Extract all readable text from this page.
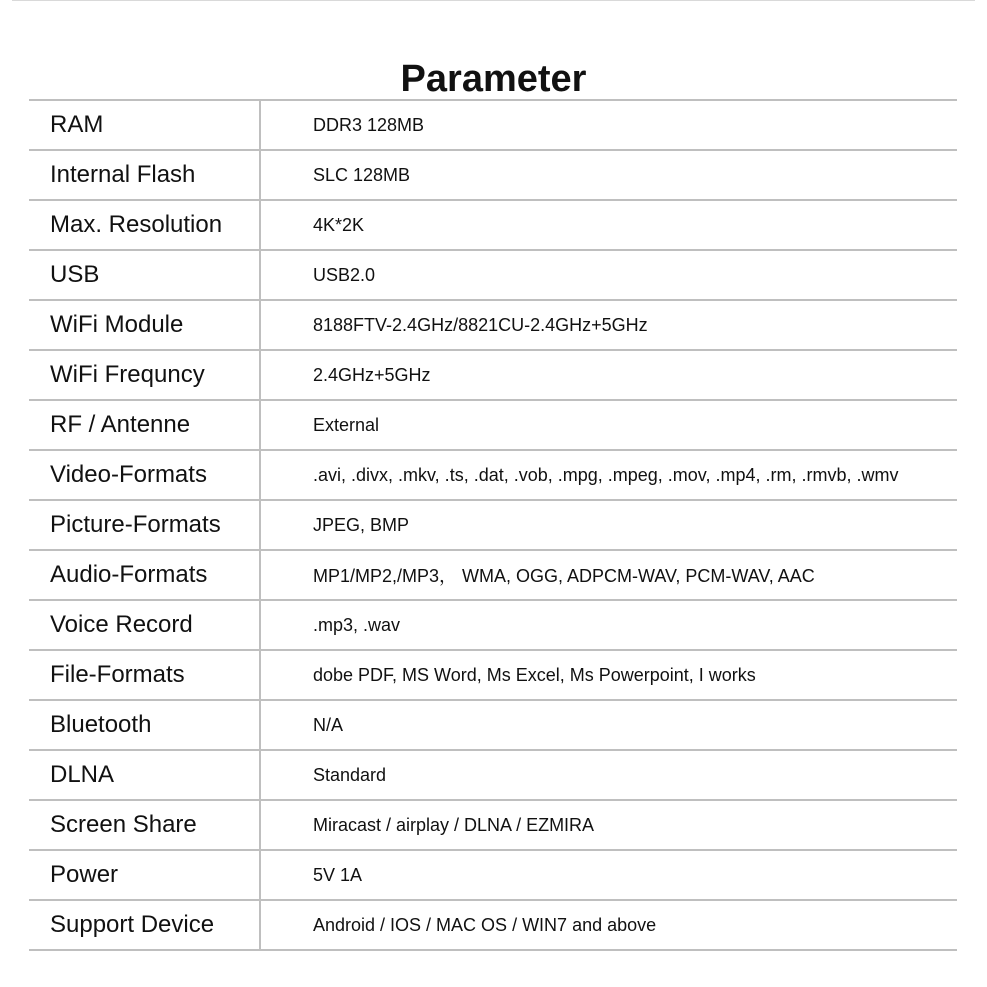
Parameter
RAM	DDR3 128MB
Internal Flash	SLC 128MB
Max. Resolution	4K*2K
USB	USB2.0
WiFi Module	8188FTV-2.4GHz/8821CU-2.4GHz+5GHz
WiFi Frequncy	2.4GHz+5GHz
RF / Antenne	External
Video-Formats	.avi, .divx, .mkv, .ts, .dat, .vob, .mpg, .mpeg, .mov, .mp4, .rm, .rmvb, .wmv
Picture-Formats	JPEG, BMP
Audio-Formats	MP1/MP2,/MP3， WMA, OGG, ADPCM-WAV, PCM-WAV, AAC
Voice Record	.mp3, .wav
File-Formats	dobe PDF, MS Word, Ms Excel, Ms Powerpoint, I works
Bluetooth	N/A
DLNA	Standard
Screen Share	Miracast / airplay / DLNA / EZMIRA
Power	5V 1A
Support Device	Android / IOS / MAC OS / WIN7 and above
